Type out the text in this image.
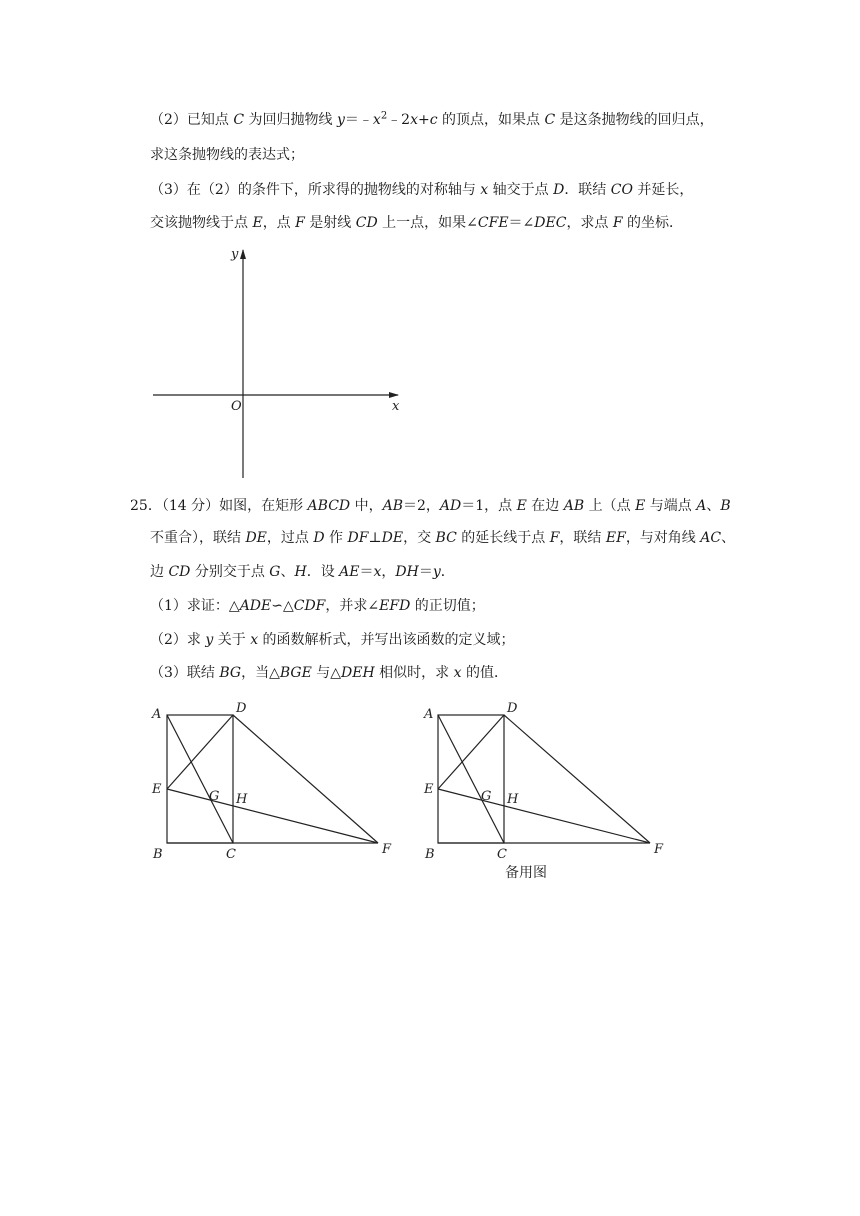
（2）已知点 C 为回归抛物线 $y=﹣x^2﹣2x+c$ 的顶点，如果点 C 是这条抛物线的回归点，
求这条抛物线的表达式；
（3）在（2）的条件下，所求得的抛物线的对称轴与 x 轴交于点 D．联结 CO 并延长，
交该抛物线于点 E，点 F 是射线 CD 上一点，如果∠CFE＝∠DEC，求点 F 的坐标．
x
y
O
25．（14 分）如图，在矩形 ABCD 中，AB＝2，AD＝1，点 E 在边 AB 上（点 E 与端点 A、B
不重合），联结 DE，过点 D 作 DF⊥DE，交 BC 的延长线于点 F，联结 EF，与对角线 AC、
边 CD 分别交于点 G、H．设 AE＝x，DH＝y．
（1）求证：△ADE∽△CDF，并求∠EFD 的正切值；
（2）求 y 关于 x 的函数解析式，并写出该函数的定义域；
（3）联结 BG，当△BGE 与△DEH 相似时，求 x 的值．
A	D
E	G H
B	C	F
A	D
E	G H
B	C	F
备用图
